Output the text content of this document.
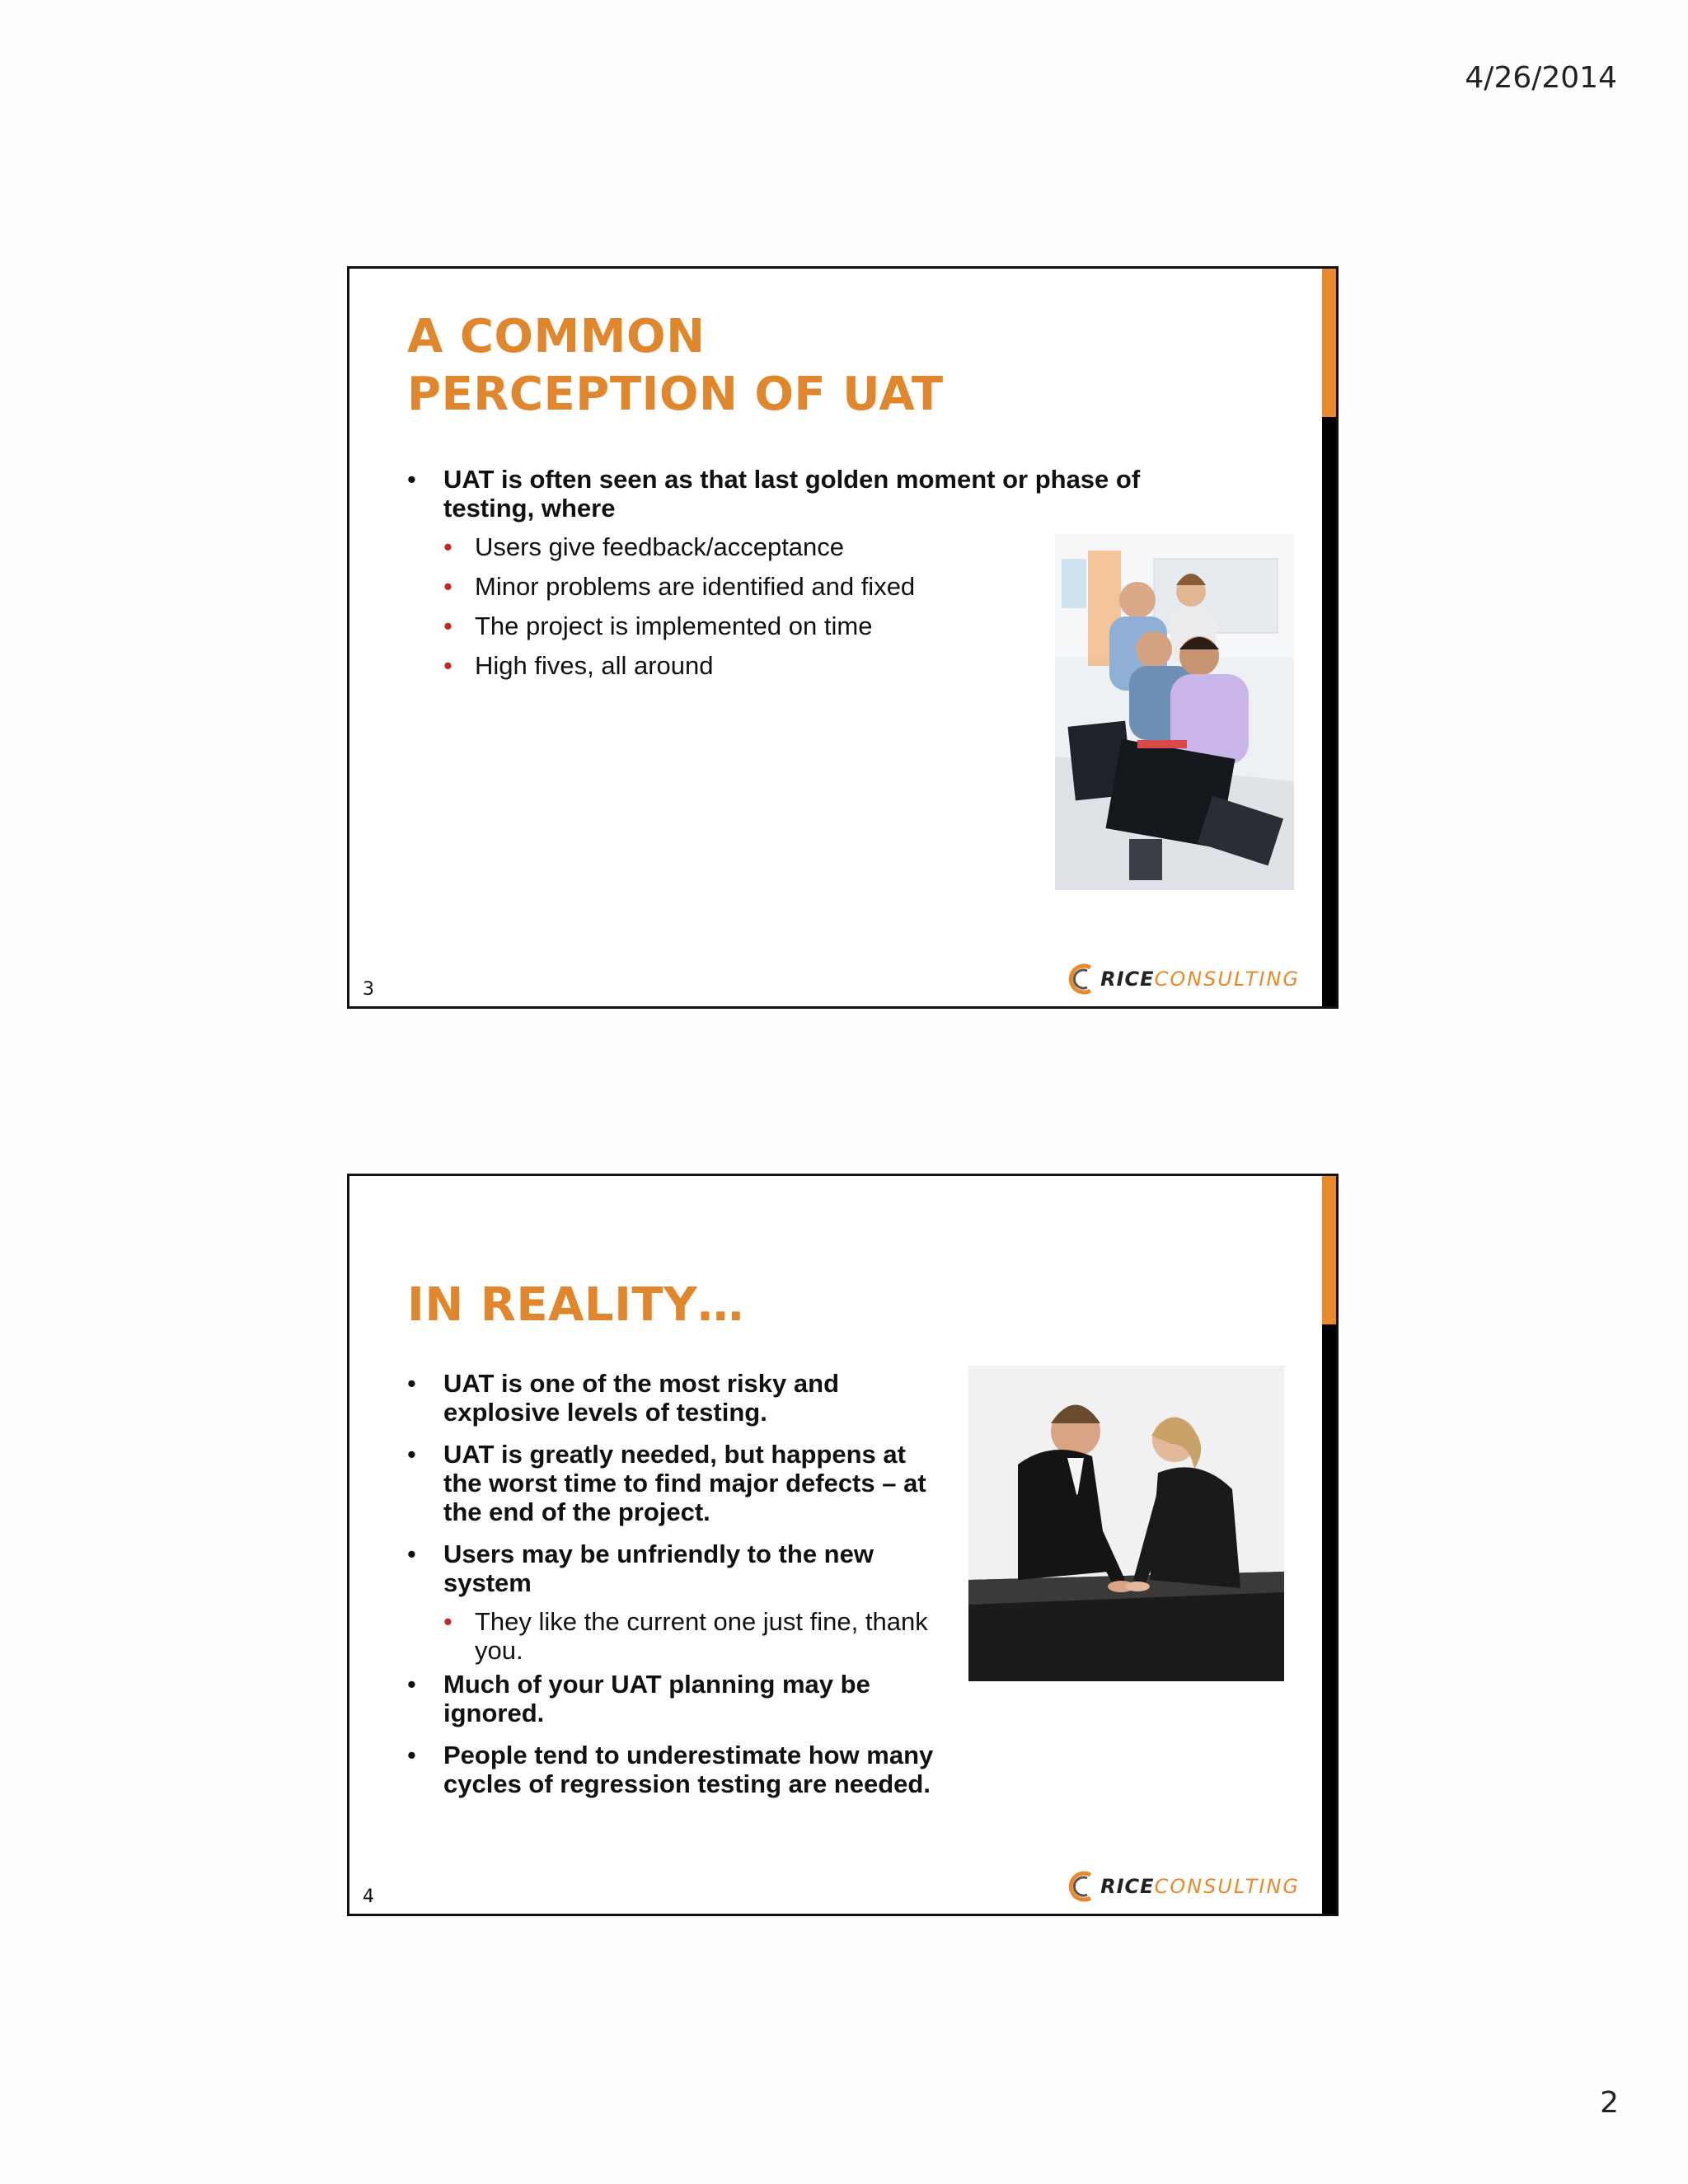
4/26/2014
A COMMON
PERCEPTION OF UAT
• UAT is often seen as that last golden moment or phase of testing, where
• Users give feedback/acceptance
• Minor problems are identified and fixed
• The project is implemented on time
• High fives, all around
RICE CONSULTING
3
IN REALITY…
• UAT is one of the most risky and explosive levels of testing.
• UAT is greatly needed, but happens at the worst time to find major defects – at the end of the project.
• Users may be unfriendly to the new system
• They like the current one just fine, thank you.
• Much of your UAT planning may be ignored.
• People tend to underestimate how many cycles of regression testing are needed.
RICE CONSULTING
4
2
